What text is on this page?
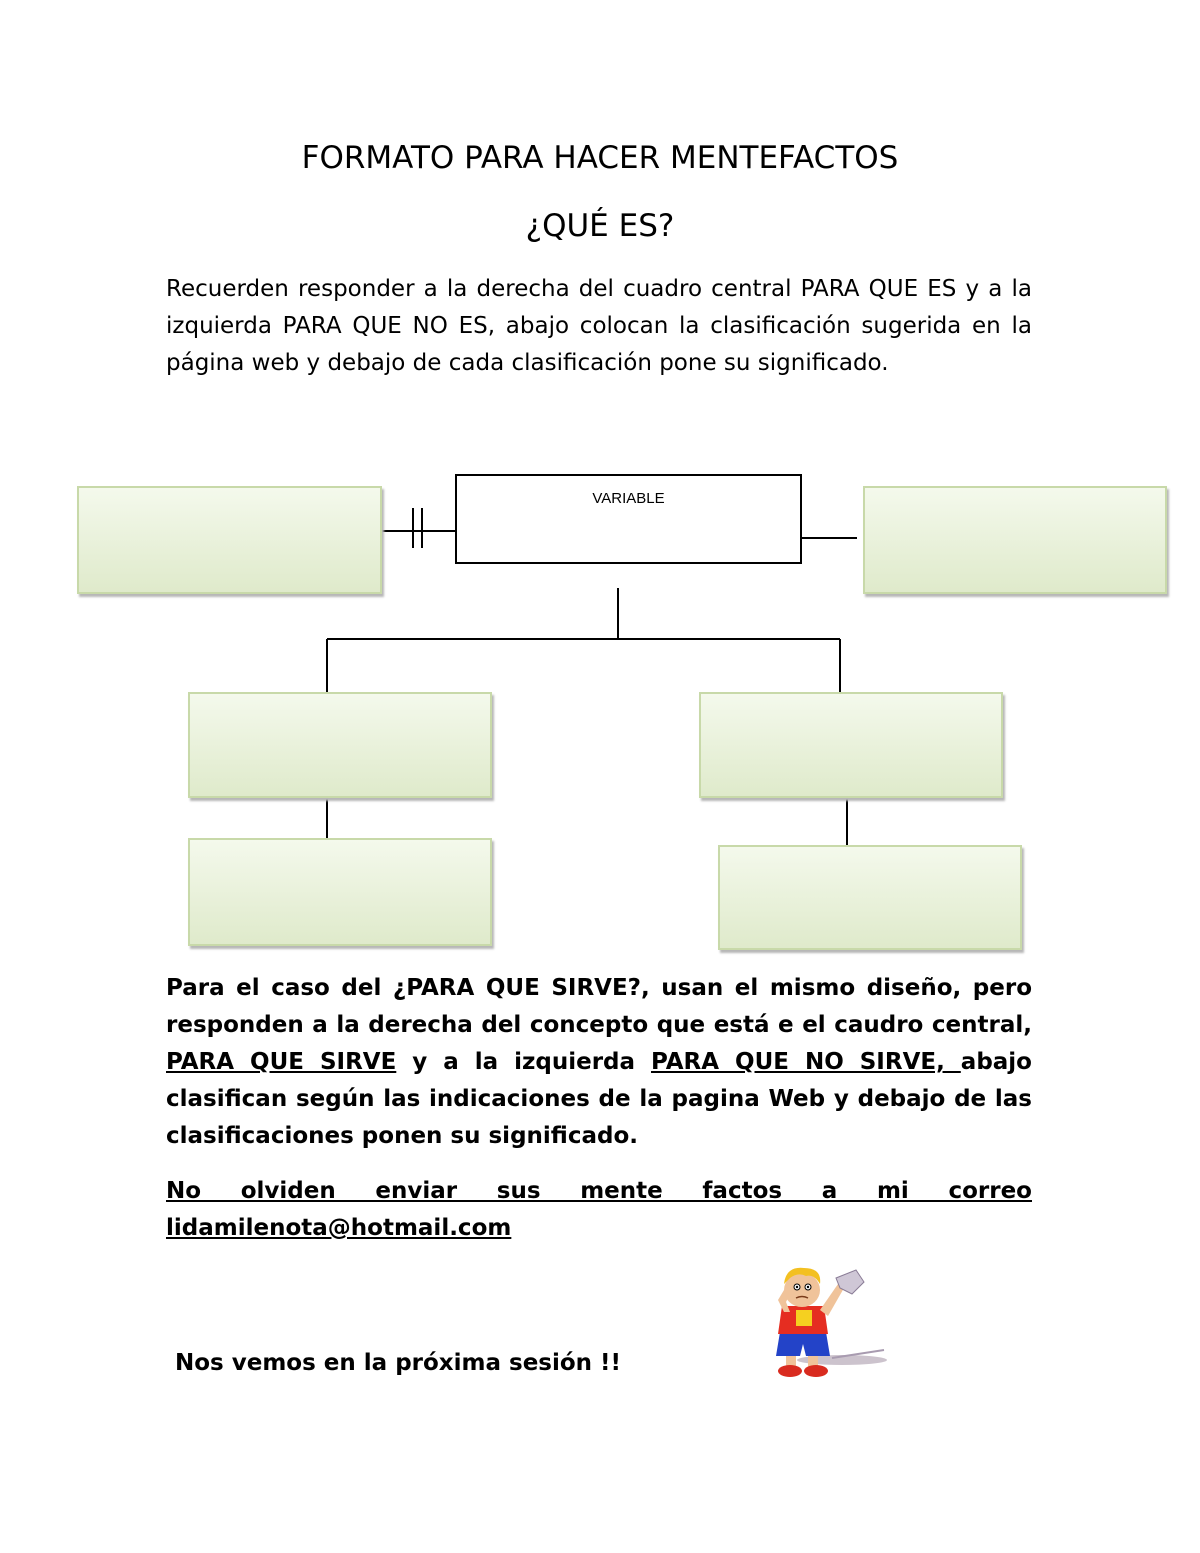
FORMATO PARA HACER MENTEFACTOS
¿QUÉ ES?

Recuerden responder a la derecha del cuadro central PARA QUE ES y a la izquierda PARA QUE NO ES, abajo colocan la clasificación sugerida en la página web y debajo de cada clasificación pone su significado.

VARIABLE

Para el caso del ¿PARA QUE SIRVE?, usan el mismo diseño, pero responden a la derecha del concepto que está e el caudro central, PARA QUE SIRVE y a la izquierda PARA QUE NO SIRVE, abajo clasifican según las indicaciones de la pagina Web y debajo de las clasificaciones ponen su significado.

No olviden enviar sus mente factos a mi correo
lidamilenota@hotmail.com

Nos vemos en la próxima sesión !!
